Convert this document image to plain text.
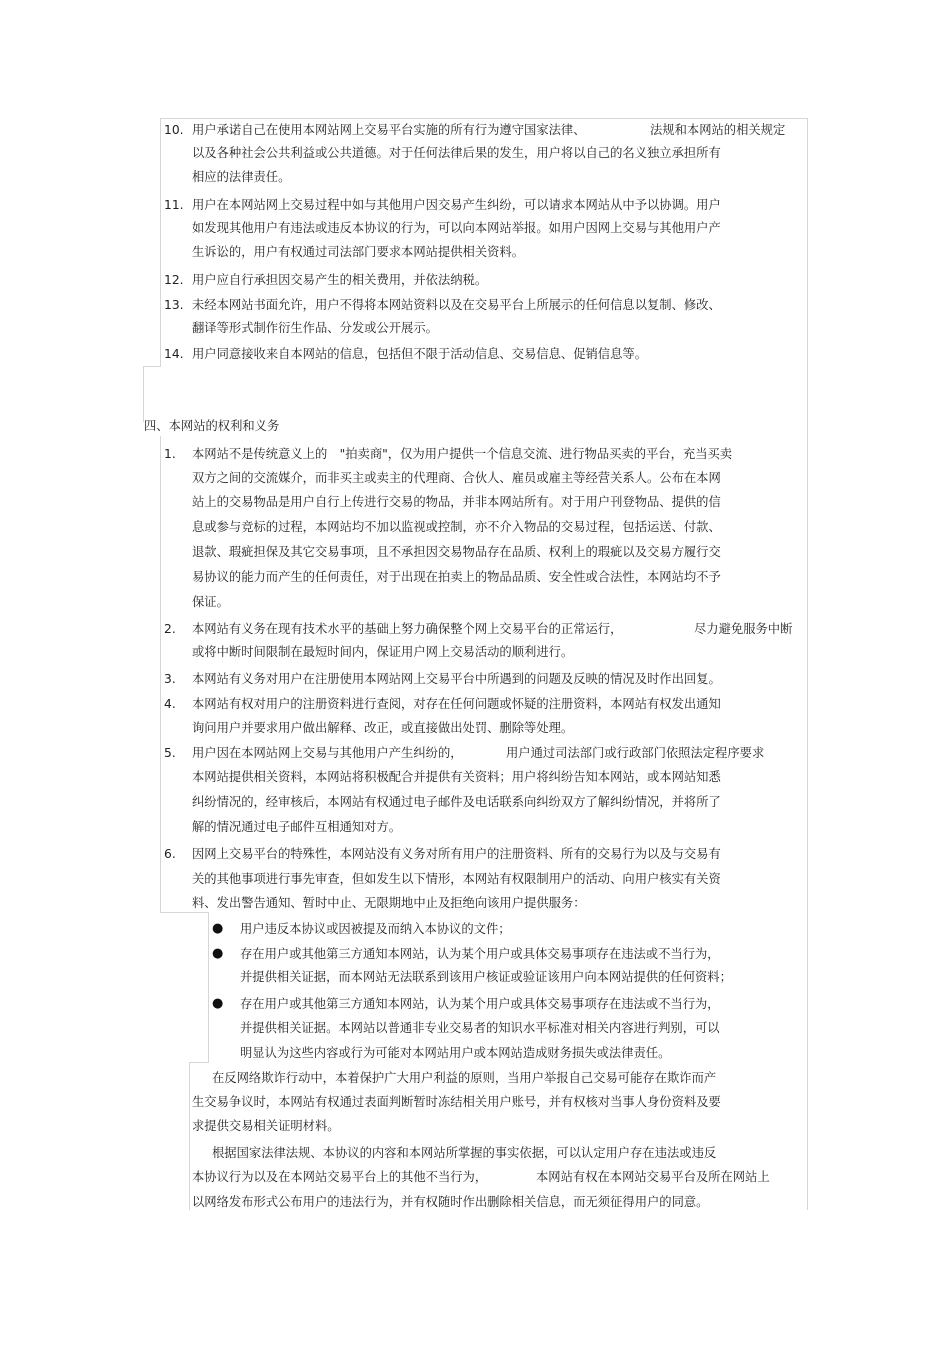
10. 用户承诺自己在使用本网站网上交易平台实施的所有行为遵守国家法律、	法规和本网站的相关规定
以及各种社会公共利益或公共道德。对于任何法律后果的发生，用户将以自己的名义独立承担所有
相应的法律责任。
11. 用户在本网站网上交易过程中如与其他用户因交易产生纠纷，可以请求本网站从中予以协调。用户
如发现其他用户有违法或违反本协议的行为，可以向本网站举报。如用户因网上交易与其他用户产
生诉讼的，用户有权通过司法部门要求本网站提供相关资料。
12. 用户应自行承担因交易产生的相关费用，并依法纳税。
13. 未经本网站书面允许，用户不得将本网站资料以及在交易平台上所展示的任何信息以复制、修改、
翻译等形式制作衍生作品、分发或公开展示。
14. 用户同意接收来自本网站的信息，包括但不限于活动信息、交易信息、促销信息等。
四、本网站的权利和义务
1. 本网站不是传统意义上的　"拍卖商"，仅为用户提供一个信息交流、进行物品买卖的平台，充当买卖
双方之间的交流媒介，而非买主或卖主的代理商、合伙人、雇员或雇主等经营关系人。公布在本网
站上的交易物品是用户自行上传进行交易的物品，并非本网站所有。对于用户刊登物品、提供的信
息或参与竞标的过程，本网站均不加以监视或控制，亦不介入物品的交易过程，包括运送、付款、
退款、瑕疵担保及其它交易事项，且不承担因交易物品存在品质、权利上的瑕疵以及交易方履行交
易协议的能力而产生的任何责任，对于出现在拍卖上的物品品质、安全性或合法性，本网站均不予
保证。
2. 本网站有义务在现有技术水平的基础上努力确保整个网上交易平台的正常运行，	尽力避免服务中断
或将中断时间限制在最短时间内，保证用户网上交易活动的顺利进行。
3. 本网站有义务对用户在注册使用本网站网上交易平台中所遇到的问题及反映的情况及时作出回复。
4. 本网站有权对用户的注册资料进行查阅，对存在任何问题或怀疑的注册资料，本网站有权发出通知
询问用户并要求用户做出解释、改正，或直接做出处罚、删除等处理。
5. 用户因在本网站网上交易与其他用户产生纠纷的，	用户通过司法部门或行政部门依照法定程序要求
本网站提供相关资料，本网站将积极配合并提供有关资料；用户将纠纷告知本网站，或本网站知悉
纠纷情况的，经审核后，本网站有权通过电子邮件及电话联系向纠纷双方了解纠纷情况，并将所了
解的情况通过电子邮件互相通知对方。
6. 因网上交易平台的特殊性，本网站没有义务对所有用户的注册资料、所有的交易行为以及与交易有
关的其他事项进行事先审查，但如发生以下情形，本网站有权限制用户的活动、向用户核实有关资
料、发出警告通知、暂时中止、无限期地中止及拒绝向该用户提供服务：
● 用户违反本协议或因被提及而纳入本协议的文件；
● 存在用户或其他第三方通知本网站，认为某个用户或具体交易事项存在违法或不当行为，
并提供相关证据，而本网站无法联系到该用户核证或验证该用户向本网站提供的任何资料；
● 存在用户或其他第三方通知本网站，认为某个用户或具体交易事项存在违法或不当行为，
并提供相关证据。本网站以普通非专业交易者的知识水平标准对相关内容进行判别，可以
明显认为这些内容或行为可能对本网站用户或本网站造成财务损失或法律责任。
在反网络欺诈行动中，本着保护广大用户利益的原则，当用户举报自己交易可能存在欺诈而产
生交易争议时，本网站有权通过表面判断暂时冻结相关用户账号，并有权核对当事人身份资料及要
求提供交易相关证明材料。
根据国家法律法规、本协议的内容和本网站所掌握的事实依据，可以认定用户存在违法或违反
本协议行为以及在本网站交易平台上的其他不当行为，	本网站有权在本网站交易平台及所在网站上
以网络发布形式公布用户的违法行为，并有权随时作出删除相关信息，而无须征得用户的同意。
